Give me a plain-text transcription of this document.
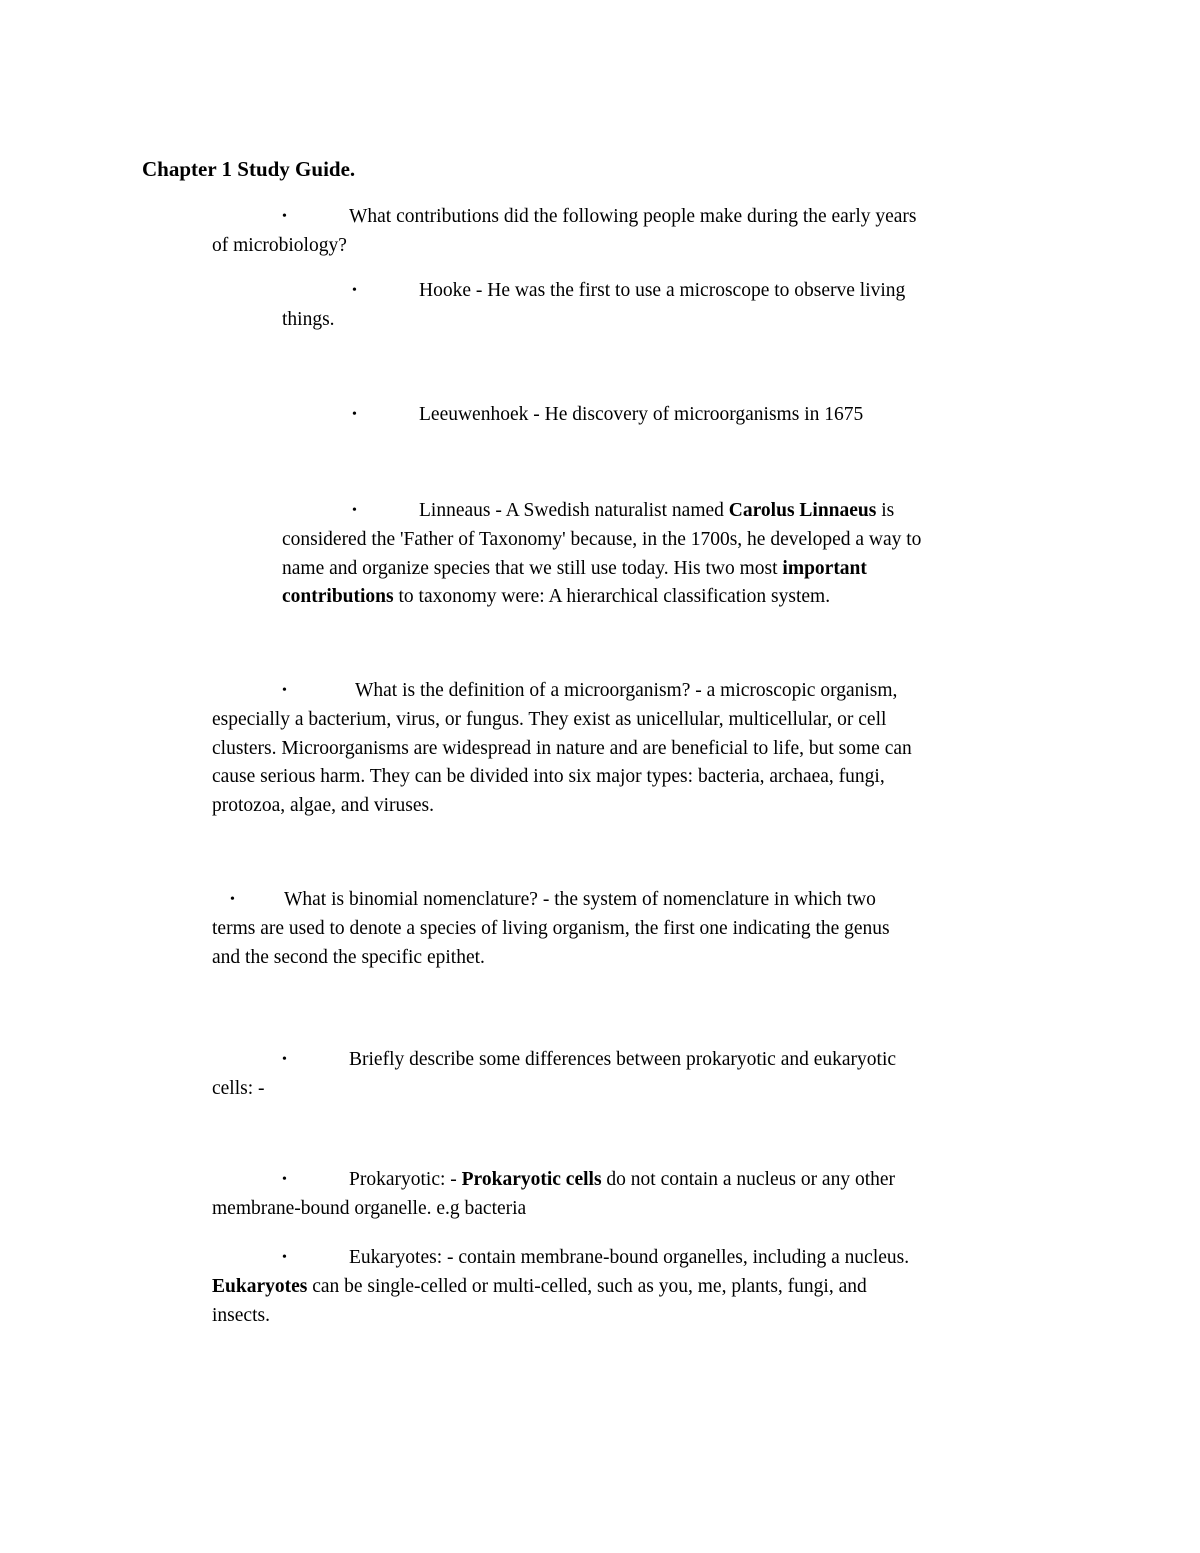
Chapter 1 Study Guide.
•	What contributions did the following people make during the early years
of microbiology?
•	Hooke - He was the first to use a microscope to observe living
things.
•	Leeuwenhoek - He discovery of microorganisms in 1675
•	Linneaus - A Swedish naturalist named Carolus Linnaeus is
considered the 'Father of Taxonomy' because, in the 1700s, he developed a way to
name and organize species that we still use today. His two most important
contributions to taxonomy were: A hierarchical classification system.
•	What is the definition of a microorganism? - a microscopic organism,
especially a bacterium, virus, or fungus. They exist as unicellular, multicellular, or cell
clusters. Microorganisms are widespread in nature and are beneficial to life, but some can
cause serious harm. They can be divided into six major types: bacteria, archaea, fungi,
protozoa, algae, and viruses.
•	What is binomial nomenclature? - the system of nomenclature in which two
terms are used to denote a species of living organism, the first one indicating the genus
and the second the specific epithet.
•	Briefly describe some differences between prokaryotic and eukaryotic
cells: -
•	Prokaryotic: - Prokaryotic cells do not contain a nucleus or any other
membrane-bound organelle. e.g bacteria
•	Eukaryotes: - contain membrane-bound organelles, including a nucleus.
Eukaryotes can be single-celled or multi-celled, such as you, me, plants, fungi, and
insects.
